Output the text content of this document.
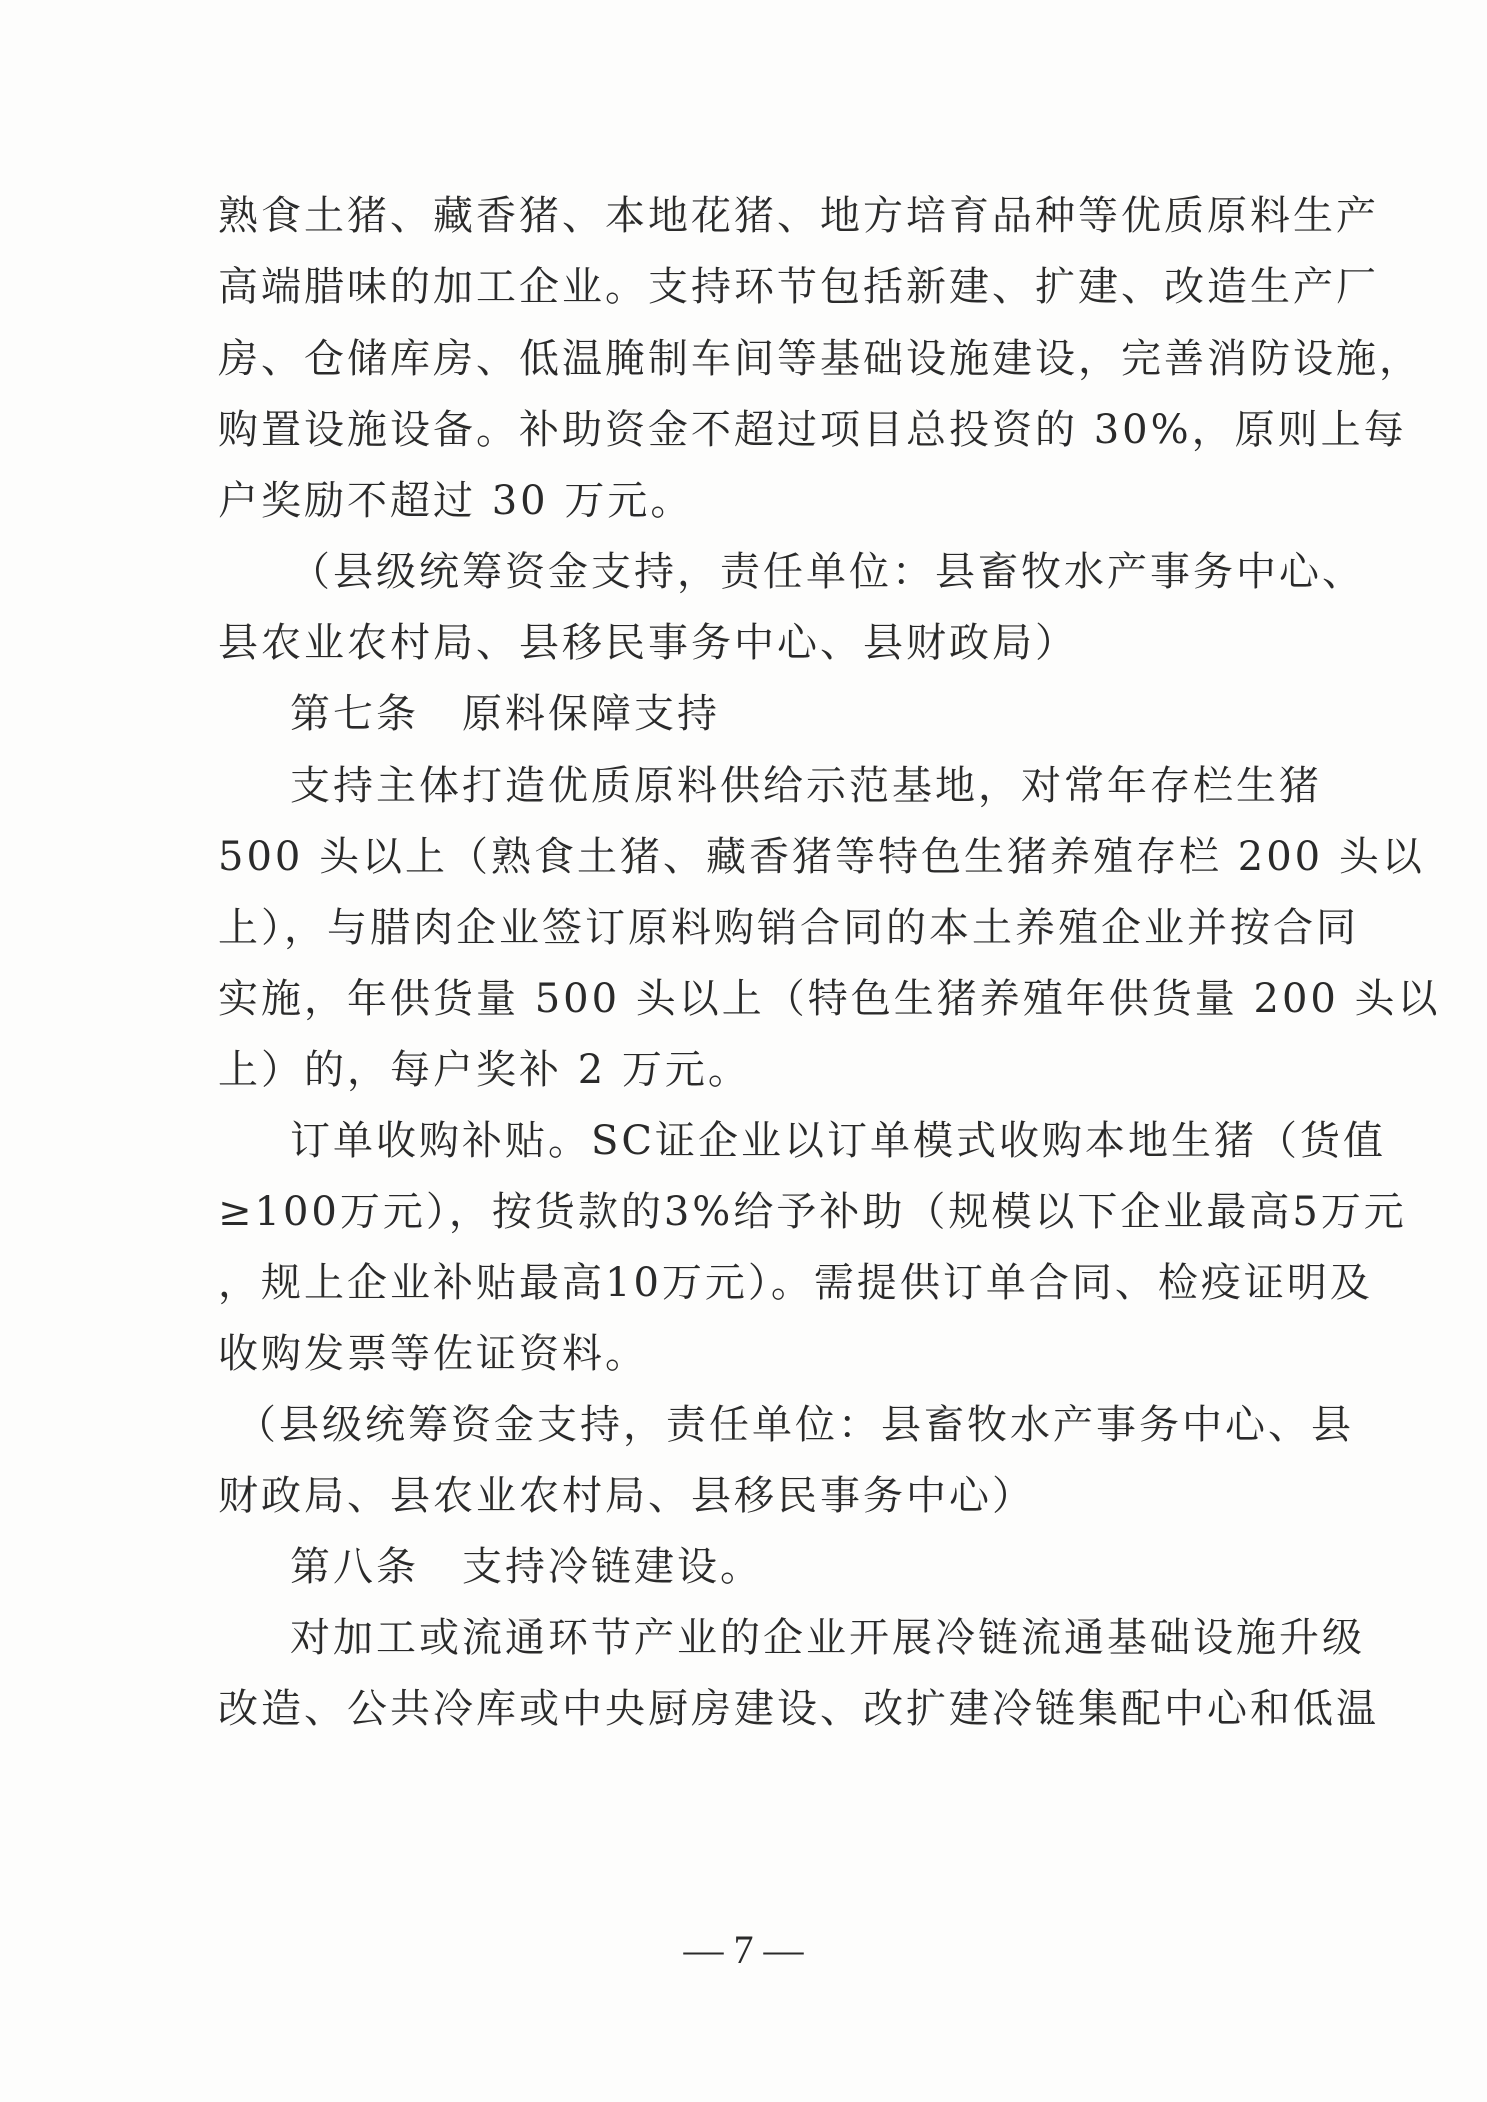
熟食土猪、藏香猪、本地花猪、地方培育品种等优质原料生产
高端腊味的加工企业。支持环节包括新建、扩建、改造生产厂
房、仓储库房、低温腌制车间等基础设施建设，完善消防设施，
购置设施设备。补助资金不超过项目总投资的 30%，原则上每
户奖励不超过 30 万元。
（县级统筹资金支持，责任单位：县畜牧水产事务中心、
县农业农村局、县移民事务中心、县财政局）
第七条　原料保障支持
支持主体打造优质原料供给示范基地，对常年存栏生猪
500 头以上（熟食土猪、藏香猪等特色生猪养殖存栏 200 头以
上），与腊肉企业签订原料购销合同的本土养殖企业并按合同
实施，年供货量 500 头以上（特色生猪养殖年供货量 200 头以
上）的，每户奖补 2 万元。
订单收购补贴。SC证企业以订单模式收购本地生猪（货值
≥100万元），按货款的3%给予补助（规模以下企业最高5万元
，规上企业补贴最高10万元）。需提供订单合同、检疫证明及
收购发票等佐证资料。
（县级统筹资金支持，责任单位：县畜牧水产事务中心、县
财政局、县农业农村局、县移民事务中心）
第八条　支持冷链建设。
对加工或流通环节产业的企业开展冷链流通基础设施升级
改造、公共冷库或中央厨房建设、改扩建冷链集配中心和低温
— 7 —
